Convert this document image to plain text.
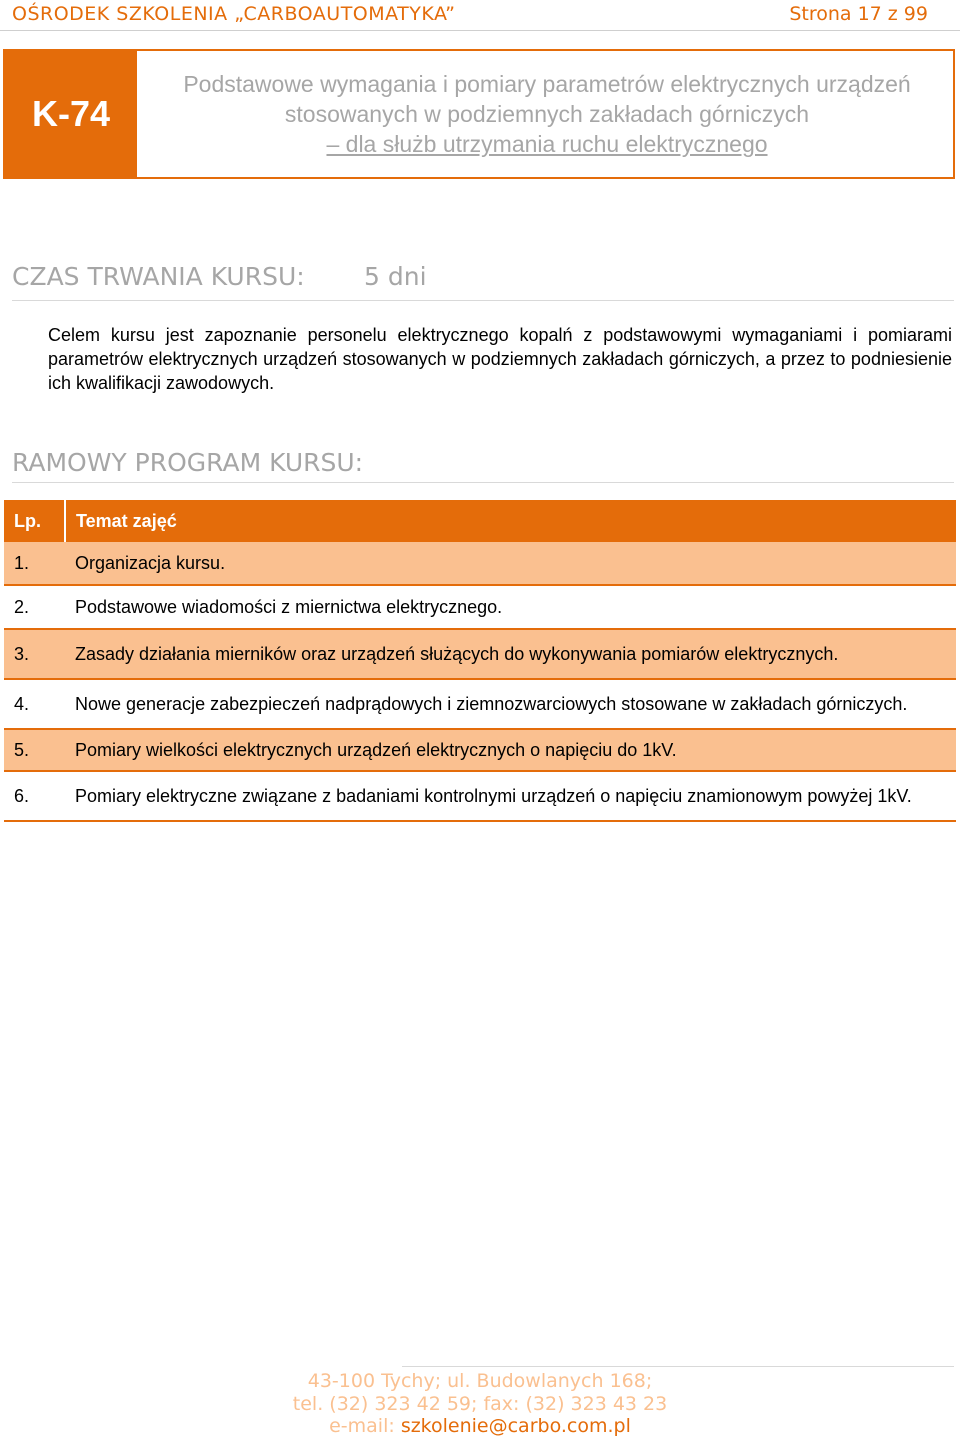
OŚRODEK SZKOLENIA „CARBOAUTOMATYKA”	Strona 17 z 99
K-74
Podstawowe wymagania i pomiary parametrów elektrycznych urządzeń
stosowanych w podziemnych zakładach górniczych
– dla służb utrzymania ruchu elektrycznego
CZAS TRWANIA KURSU: 5 dni
Celem kursu jest zapoznanie personelu elektrycznego kopalń z podstawowymi wymaganiami i pomiarami parametrów elektrycznych urządzeń stosowanych w podziemnych zakładach górniczych, a przez to podniesienie ich kwalifikacji zawodowych.
RAMOWY PROGRAM KURSU:
Lp.	Temat zajęć
1.	Organizacja kursu.
2.	Podstawowe wiadomości z miernictwa elektrycznego.
3.	Zasady działania mierników oraz urządzeń służących do wykonywania pomiarów elektrycznych.
4.	Nowe generacje zabezpieczeń nadprądowych i ziemnozwarciowych stosowane w zakładach górniczych.
5.	Pomiary wielkości elektrycznych urządzeń elektrycznych o napięciu do 1kV.
6.	Pomiary elektryczne związane z badaniami kontrolnymi urządzeń o napięciu znamionowym powyżej 1kV.
43-100 Tychy; ul. Budowlanych 168;
tel. (32) 323 42 59; fax: (32) 323 43 23
e-mail: szkolenie@carbo.com.pl
